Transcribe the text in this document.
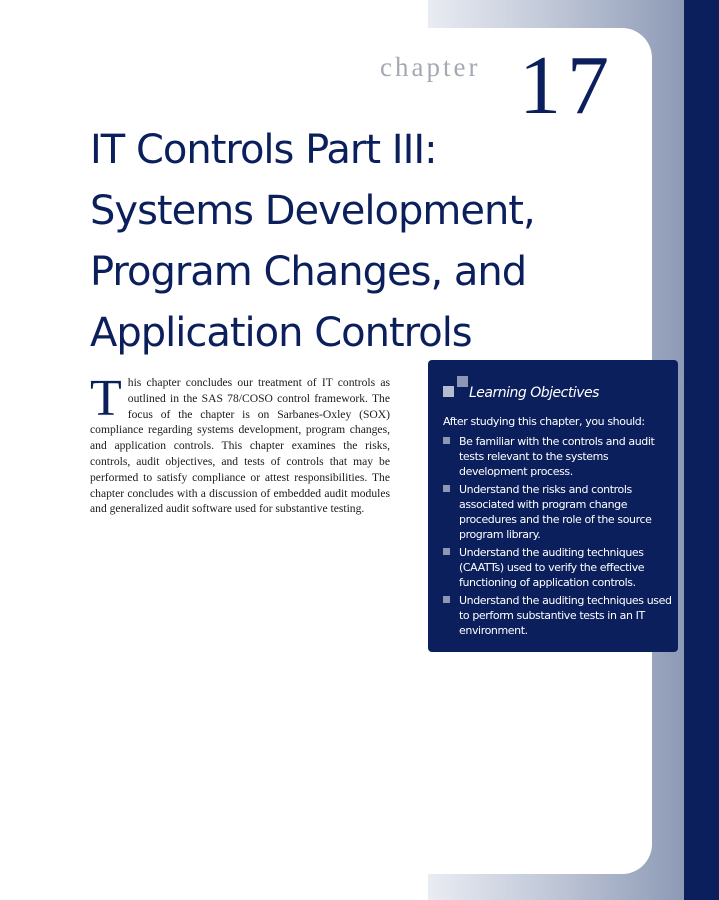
chapter 17
IT Controls Part III:
Systems Development,
Program Changes, and
Application Controls
T his chapter concludes our treatment of IT controls as outlined in the SAS 78/COSO control framework. The focus of the chapter is on Sarbanes-Oxley (SOX) compliance regarding systems development, program changes, and application controls. This chapter examines the risks, controls, audit objectives, and tests of controls that may be performed to satisfy compliance or attest responsibilities. The chapter concludes with a discussion of embedded audit modules and generalized audit software used for substantive testing.
Learning Objectives
After studying this chapter, you should:
Be familiar with the controls and audit tests relevant to the systems development process.
Understand the risks and controls associated with program change procedures and the role of the source program library.
Understand the auditing techniques (CAATTs) used to verify the effective functioning of application controls.
Understand the auditing techniques used to perform substantive tests in an IT environment.
